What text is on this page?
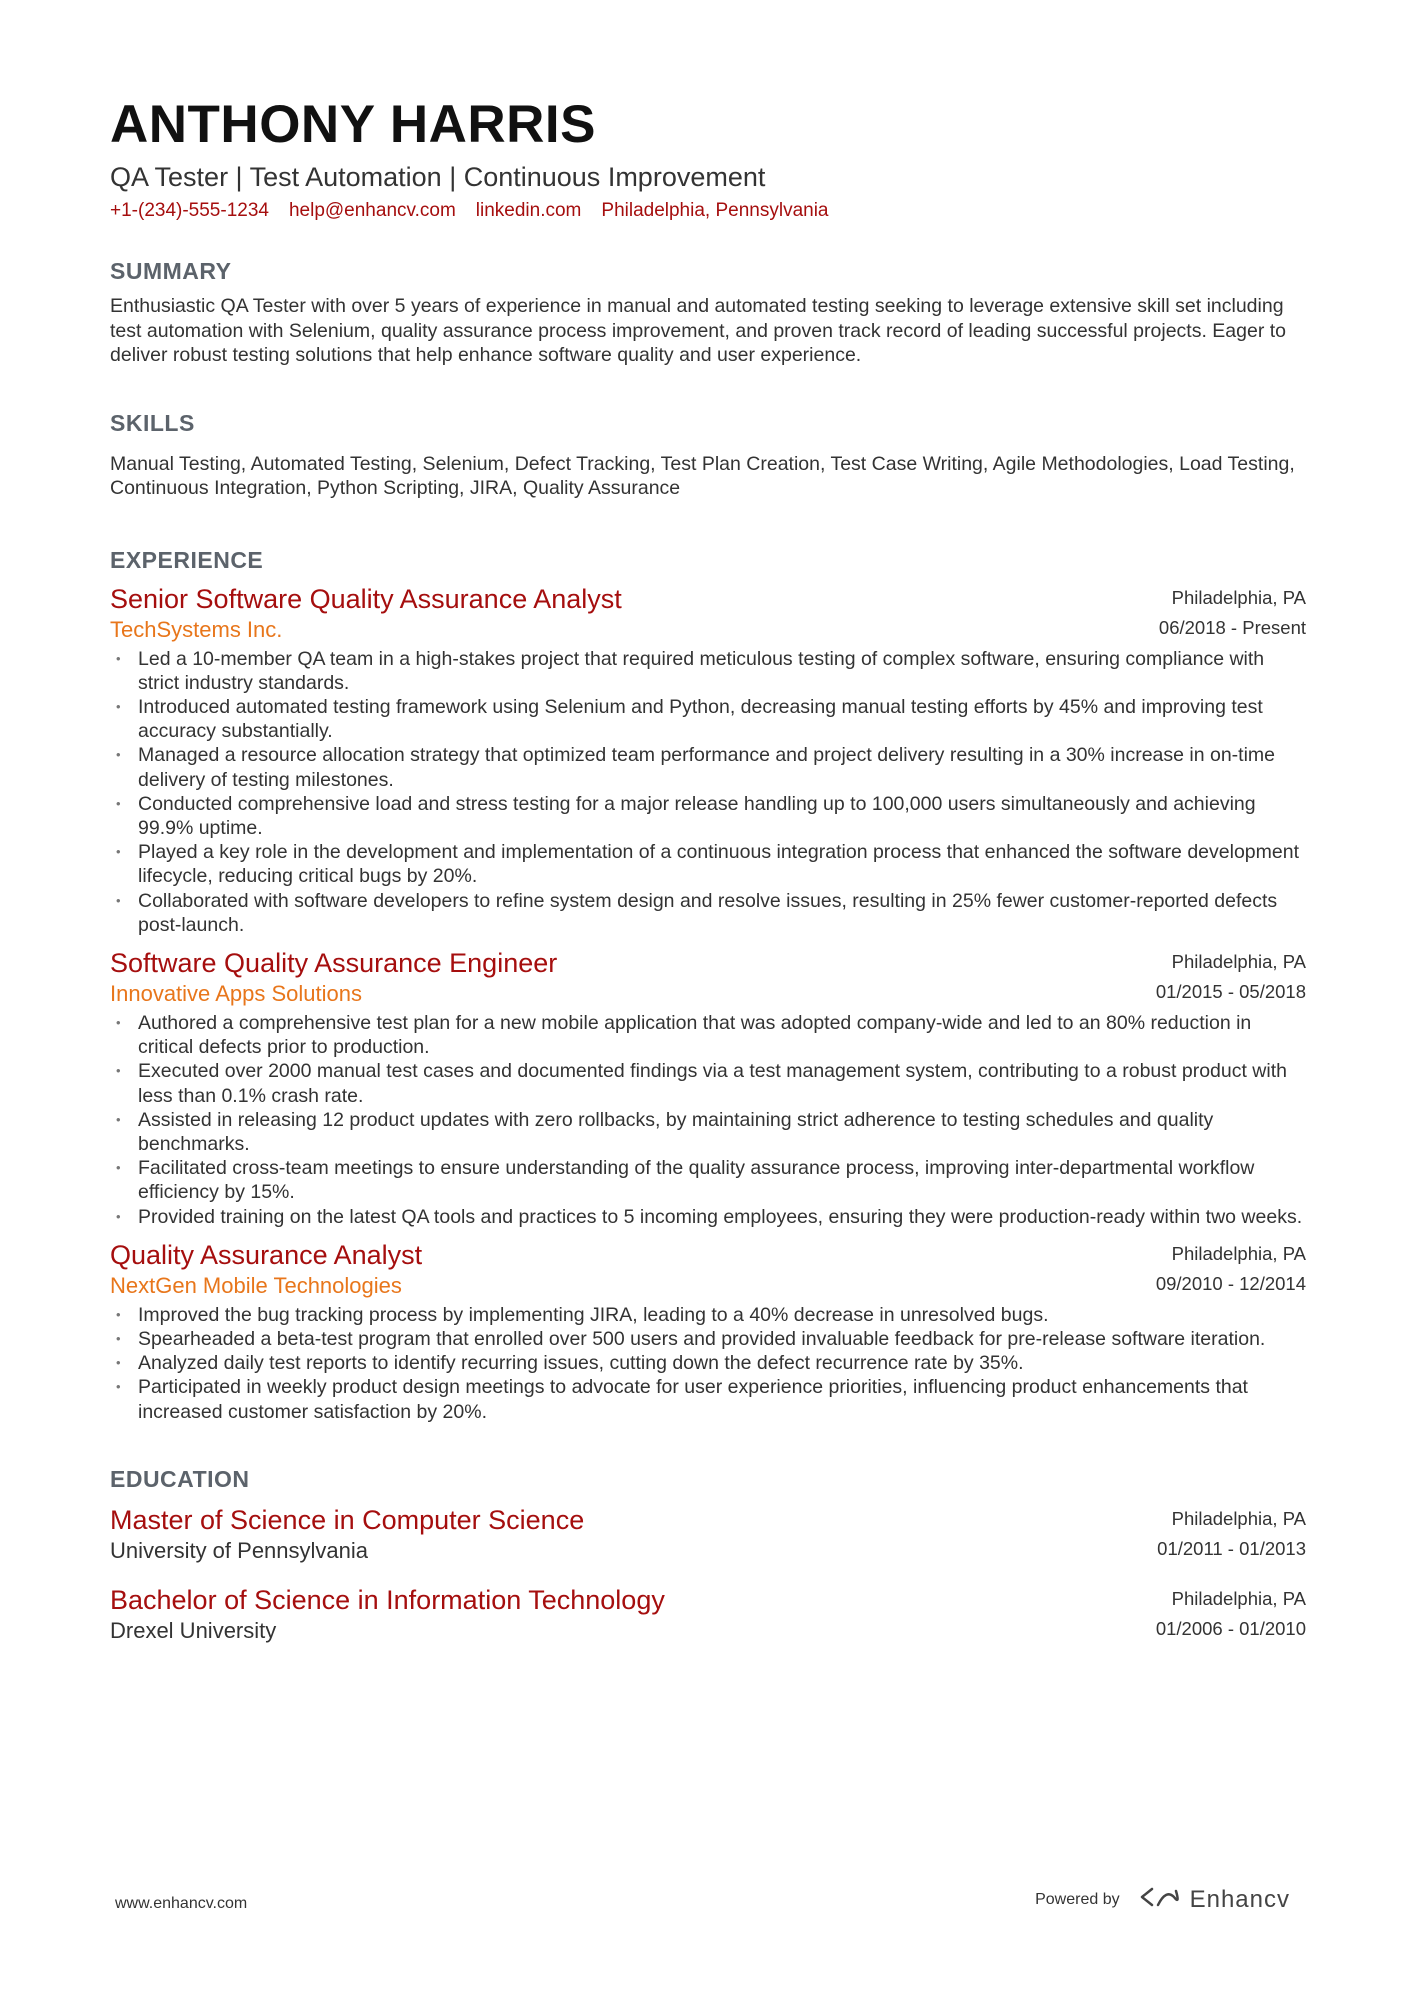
ANTHONY HARRIS
QA Tester | Test Automation | Continuous Improvement
+1-(234)-555-1234 help@enhancv.com linkedin.com Philadelphia, Pennsylvania
SUMMARY
Enthusiastic QA Tester with over 5 years of experience in manual and automated testing seeking to leverage extensive skill set including test automation with Selenium, quality assurance process improvement, and proven track record of leading successful projects. Eager to deliver robust testing solutions that help enhance software quality and user experience.
SKILLS
Manual Testing, Automated Testing, Selenium, Defect Tracking, Test Plan Creation, Test Case Writing, Agile Methodologies, Load Testing, Continuous Integration, Python Scripting, JIRA, Quality Assurance
EXPERIENCE
Senior Software Quality Assurance Analyst
TechSystems Inc.
Philadelphia, PA
06/2018 - Present
• Led a 10-member QA team in a high-stakes project that required meticulous testing of complex software, ensuring compliance with strict industry standards.
• Introduced automated testing framework using Selenium and Python, decreasing manual testing efforts by 45% and improving test accuracy substantially.
• Managed a resource allocation strategy that optimized team performance and project delivery resulting in a 30% increase in on-time delivery of testing milestones.
• Conducted comprehensive load and stress testing for a major release handling up to 100,000 users simultaneously and achieving 99.9% uptime.
• Played a key role in the development and implementation of a continuous integration process that enhanced the software development lifecycle, reducing critical bugs by 20%.
• Collaborated with software developers to refine system design and resolve issues, resulting in 25% fewer customer-reported defects post-launch.
Software Quality Assurance Engineer
Innovative Apps Solutions
Philadelphia, PA
01/2015 - 05/2018
• Authored a comprehensive test plan for a new mobile application that was adopted company-wide and led to an 80% reduction in critical defects prior to production.
• Executed over 2000 manual test cases and documented findings via a test management system, contributing to a robust product with less than 0.1% crash rate.
• Assisted in releasing 12 product updates with zero rollbacks, by maintaining strict adherence to testing schedules and quality benchmarks.
• Facilitated cross-team meetings to ensure understanding of the quality assurance process, improving inter-departmental workflow efficiency by 15%.
• Provided training on the latest QA tools and practices to 5 incoming employees, ensuring they were production-ready within two weeks.
Quality Assurance Analyst
NextGen Mobile Technologies
Philadelphia, PA
09/2010 - 12/2014
• Improved the bug tracking process by implementing JIRA, leading to a 40% decrease in unresolved bugs.
• Spearheaded a beta-test program that enrolled over 500 users and provided invaluable feedback for pre-release software iteration.
• Analyzed daily test reports to identify recurring issues, cutting down the defect recurrence rate by 35%.
• Participated in weekly product design meetings to advocate for user experience priorities, influencing product enhancements that increased customer satisfaction by 20%.
EDUCATION
Master of Science in Computer Science
University of Pennsylvania
Philadelphia, PA
01/2011 - 01/2013
Bachelor of Science in Information Technology
Drexel University
Philadelphia, PA
01/2006 - 01/2010
www.enhancv.com	Powered by	Enhancv
